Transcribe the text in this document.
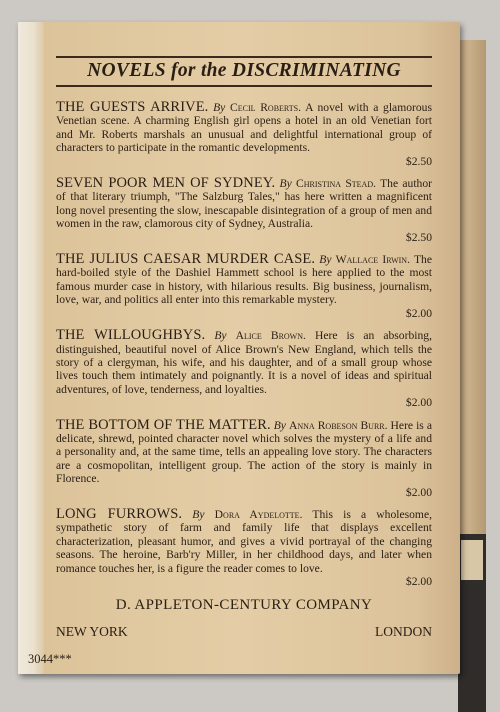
NOVELS for the DISCRIMINATING
THE GUESTS ARRIVE. By Cecil Roberts. A novel with a glamorous Venetian scene. A charming English girl opens a hotel in an old Venetian fort and Mr. Roberts marshals an unusual and delightful international group of characters to participate in the romantic developments.
$2.50
SEVEN POOR MEN OF SYDNEY. By Christina Stead. The author of that literary triumph, "The Salzburg Tales," has here written a magnificent long novel presenting the slow, inescapable disintegration of a group of men and women in the raw, clamorous city of Sydney, Australia.
$2.50
THE JULIUS CAESAR MURDER CASE. By Wallace Irwin. The hard-boiled style of the Dashiel Hammett school is here applied to the most famous murder case in history, with hilarious results. Big business, journalism, love, war, and politics all enter into this remarkable mystery.
$2.00
THE WILLOUGHBYS. By Alice Brown. Here is an absorbing, distinguished, beautiful novel of Alice Brown's New England, which tells the story of a clergyman, his wife, and his daughter, and of a small group whose lives touch them intimately and poignantly. It is a novel of ideas and spiritual adventures, of love, tenderness, and loyalties.
$2.00
THE BOTTOM OF THE MATTER. By Anna Robeson Burr. Here is a delicate, shrewd, pointed character novel which solves the mystery of a life and a personality and, at the same time, tells an appealing love story. The characters are a cosmopolitan, intelligent group. The action of the story is mainly in Florence.
$2.00
LONG FURROWS. By Dora Aydelotte. This is a wholesome, sympathetic story of farm and family life that displays excellent characterization, pleasant humor, and gives a vivid portrayal of the changing seasons. The heroine, Barb'ry Miller, in her childhood days, and later when romance touches her, is a figure the reader comes to love.
$2.00
D. APPLETON-CENTURY COMPANY
NEW YORK	LONDON
3044***
